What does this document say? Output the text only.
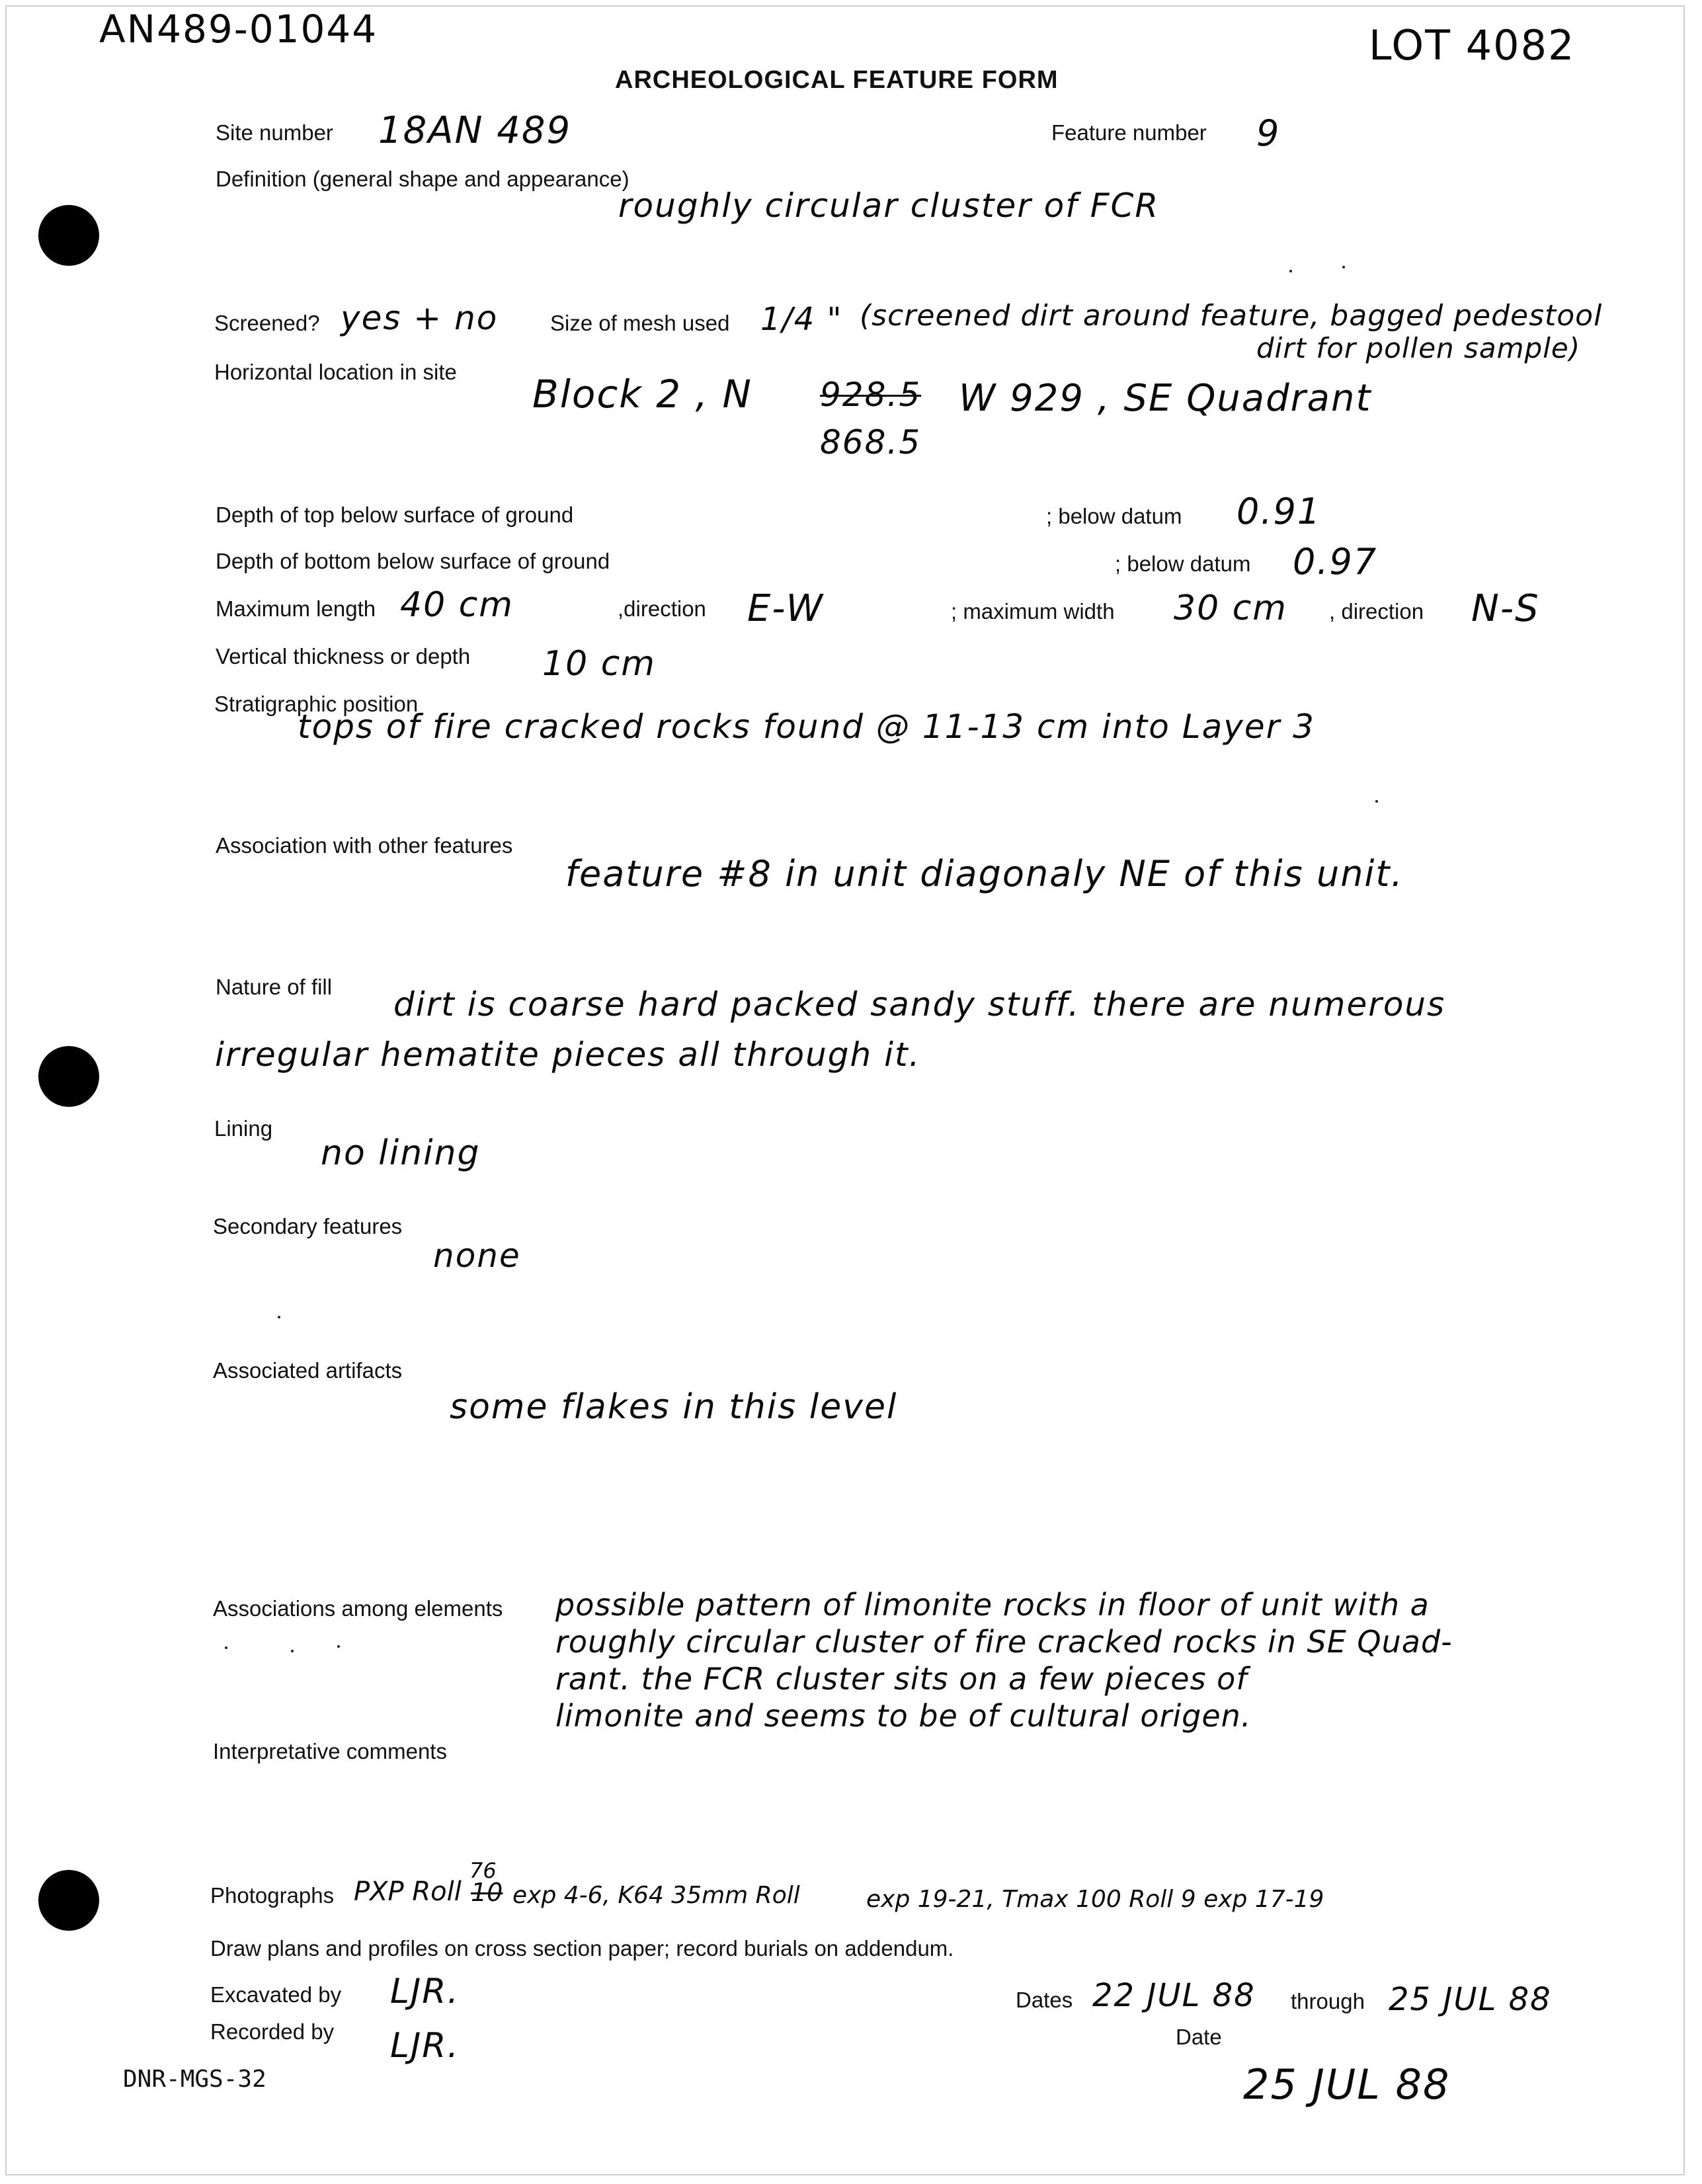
AN489-01044	LOT 4082
ARCHEOLOGICAL FEATURE FORM
Site number 18AN 489	Feature number 9
Definition (general shape and appearance)
roughly circular cluster of FCR
Screened? yes + no Size of mesh used 1/4 " (screened dirt around feature, bagged pedestool
dirt for pollen sample)
Horizontal location in site Block 2 , N 928.5 W 929 , SE Quadrant
868.5
Depth of top below surface of ground	; below datum 0.91
Depth of bottom below surface of ground	; below datum 0.97
Maximum length 40 cm	,direction E-W	; maximum width 30 cm , direction N-S
Vertical thickness or depth 10 cm
Stratigraphic position
tops of fire cracked rocks found @ 11-13 cm into Layer 3
Association with other features
feature #8 in unit diagonaly NE of this unit.
Nature of fill dirt is coarse hard packed sandy stuff. there are numerous
irregular hematite pieces all through it.
Lining
no lining
Secondary features
none
Associated artifacts
some flakes in this level
Associations among elements possible pattern of limonite rocks in floor of unit with a
roughly circular cluster of fire cracked rocks in SE Quad-
rant. the FCR cluster sits on a few pieces of
limonite and seems to be of cultural origen.
Interpretative comments
Photographs PXP Roll
76
10 exp 4-6, K64 35mm Roll	exp 19-21, Tmax 100 Roll 9 exp 17-19
Draw plans and profiles on cross section paper; record burials on addendum.
Excavated by LJR.
Recorded by LJR.
Dates 22 JUL 88 through 25 JUL 88
Date
25 JUL 88
DNR-MGS-32
